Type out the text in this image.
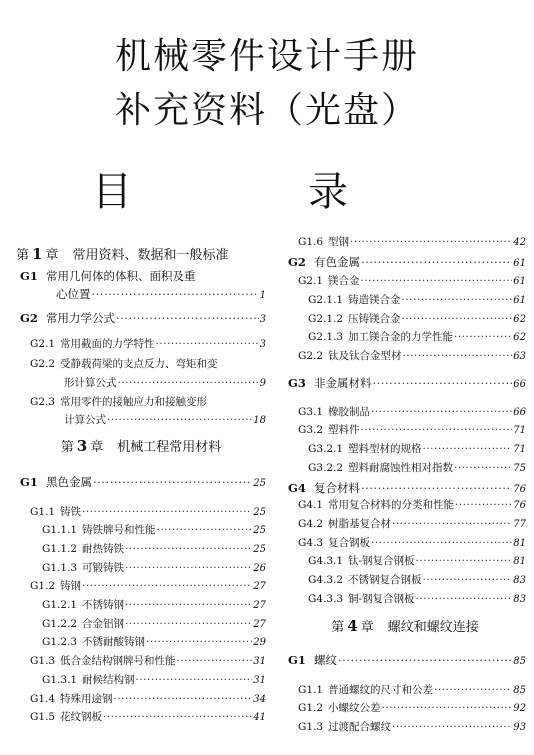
机械零件设计手册
补充资料（光盘）
目	录
第 1 章 常用资料、数据和一般标准
G1 常用几何体的体积、面积及重
心位置 ·····	1
G2 常用力学公式 ·····	3
G2.1 常用截面的力学特性 ·····	3
G2.2 受静载荷梁的支点反力、弯矩和变
形计算公式 ·····	9
G2.3 常用零件的接触应力和接触变形
计算公式 ·····	18
第 3 章 机械工程常用材料
G1 黑色金属 ·····	25
G1.1 铸铁 ·····	25
G1.1.1 铸铁牌号和性能 ·····	25
G1.1.2 耐热铸铁 ·····	25
G1.1.3 可锻铸铁 ·····	26
G1.2 铸钢 ·····	27
G1.2.1 不锈铸钢 ·····	27
G1.2.2 合金铝钢 ·····	27
G1.2.3 不锈耐酸铸钢 ·····	29
G1.3 低合金结构钢牌号和性能 ·····	31
G1.3.1 耐候结构钢 ·····	31
G1.4 特殊用途钢 ·····	34
G1.5 花纹钢板 ·····	41
G1.6 型钢 ·····	42
G2 有色金属 ·····	61
G2.1 镁合金 ·····	61
G2.1.1 铸造镁合金 ·····	61
G2.1.2 压铸镁合金 ·····	62
G2.1.3 加工镁合金的力学性能 ·····	62
G2.2 钛及钛合金型材 ·····	63
G3 非金属材料 ·····	66
G3.1 橡胶制品 ·····	66
G3.2 塑料件 ·····	71
G3.2.1 塑料型材的规格 ·····	71
G3.2.2 塑料耐腐蚀性相对指数 ·····	75
G4 复合材料 ·····	76
G4.1 常用复合材料的分类和性能 ·····	76
G4.2 树脂基复合材 ·····	77
G4.3 复合钢板 ·····	81
G4.3.1 钛-钢复合钢板 ·····	81
G4.3.2 不锈钢复合钢板 ·····	83
G4.3.3 铜-钢复合钢板 ·····	83
第 4 章 螺纹和螺纹连接
G1 螺纹 ·····	85
G1.1 普通螺纹的尺寸和公差 ·····	85
G1.2 小螺纹公差 ·····	92
G1.3 过渡配合螺纹 ·····	93
